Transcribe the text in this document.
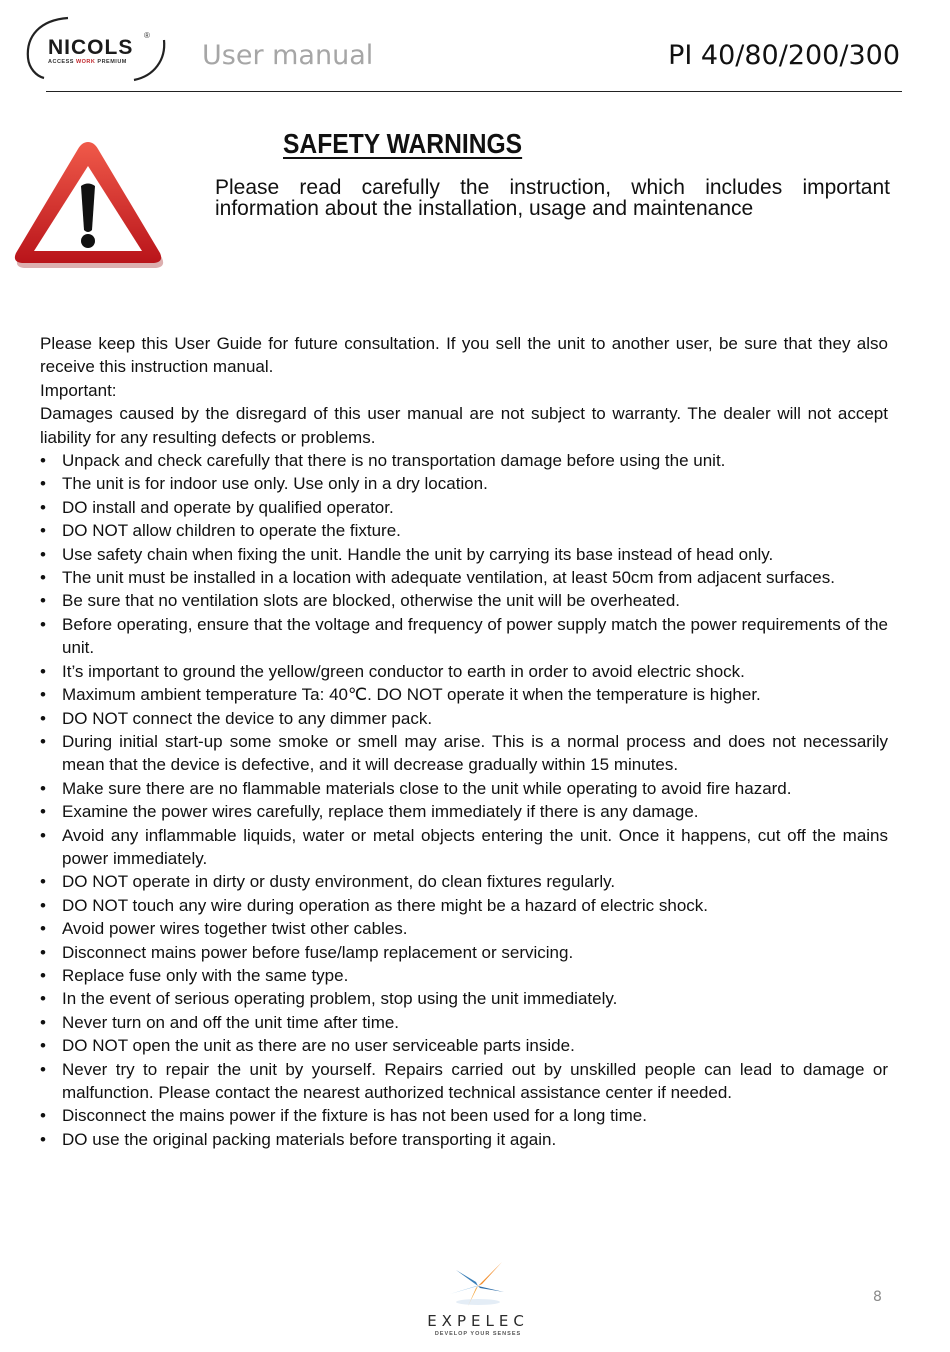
NICOLS
®
ACCESS WORK PREMIUM	User manual	PI 40/80/200/300
SAFETY WARNINGS
Please read carefully the instruction, which includes important information about the installation, usage and maintenance

Please keep this User Guide for future consultation. If you sell the unit to another user, be sure that they also receive this instruction manual.

Important:

Damages caused by the disregard of this user manual are not subject to warranty. The dealer will not accept liability for any resulting defects or problems.

• Unpack and check carefully that there is no transportation damage before using the unit.
• The unit is for indoor use only. Use only in a dry location.
• DO install and operate by qualified operator.
• DO NOT allow children to operate the fixture.
• Use safety chain when fixing the unit. Handle the unit by carrying its base instead of head only.
• The unit must be installed in a location with adequate ventilation, at least 50cm from adjacent surfaces.
• Be sure that no ventilation slots are blocked, otherwise the unit will be overheated.
• Before operating, ensure that the voltage and frequency of power supply match the power requirements of the unit.
• It’s important to ground the yellow/green conductor to earth in order to avoid electric shock.
• Maximum ambient temperature Ta: 40℃. DO NOT operate it when the temperature is higher.
• DO NOT connect the device to any dimmer pack.
• During initial start-up some smoke or smell may arise. This is a normal process and does not necessarily mean that the device is defective, and it will decrease gradually within 15 minutes.
• Make sure there are no flammable materials close to the unit while operating to avoid fire hazard.
• Examine the power wires carefully, replace them immediately if there is any damage.
• Avoid any inflammable liquids, water or metal objects entering the unit. Once it happens, cut off the mains power immediately.
• DO NOT operate in dirty or dusty environment, do clean fixtures regularly.
• DO NOT touch any wire during operation as there might be a hazard of electric shock.
• Avoid power wires together twist other cables.
• Disconnect mains power before fuse/lamp replacement or servicing.
• Replace fuse only with the same type.
• In the event of serious operating problem, stop using the unit immediately.
• Never turn on and off the unit time after time.
• DO NOT open the unit as there are no user serviceable parts inside.
• Never try to repair the unit by yourself. Repairs carried out by unskilled people can lead to damage or malfunction. Please contact the nearest authorized technical assistance center if needed.
• Disconnect the mains power if the fixture is has not been used for a long time.
• DO use the original packing materials before transporting it again.
EXPELEC
DEVELOP YOUR SENSES
8
